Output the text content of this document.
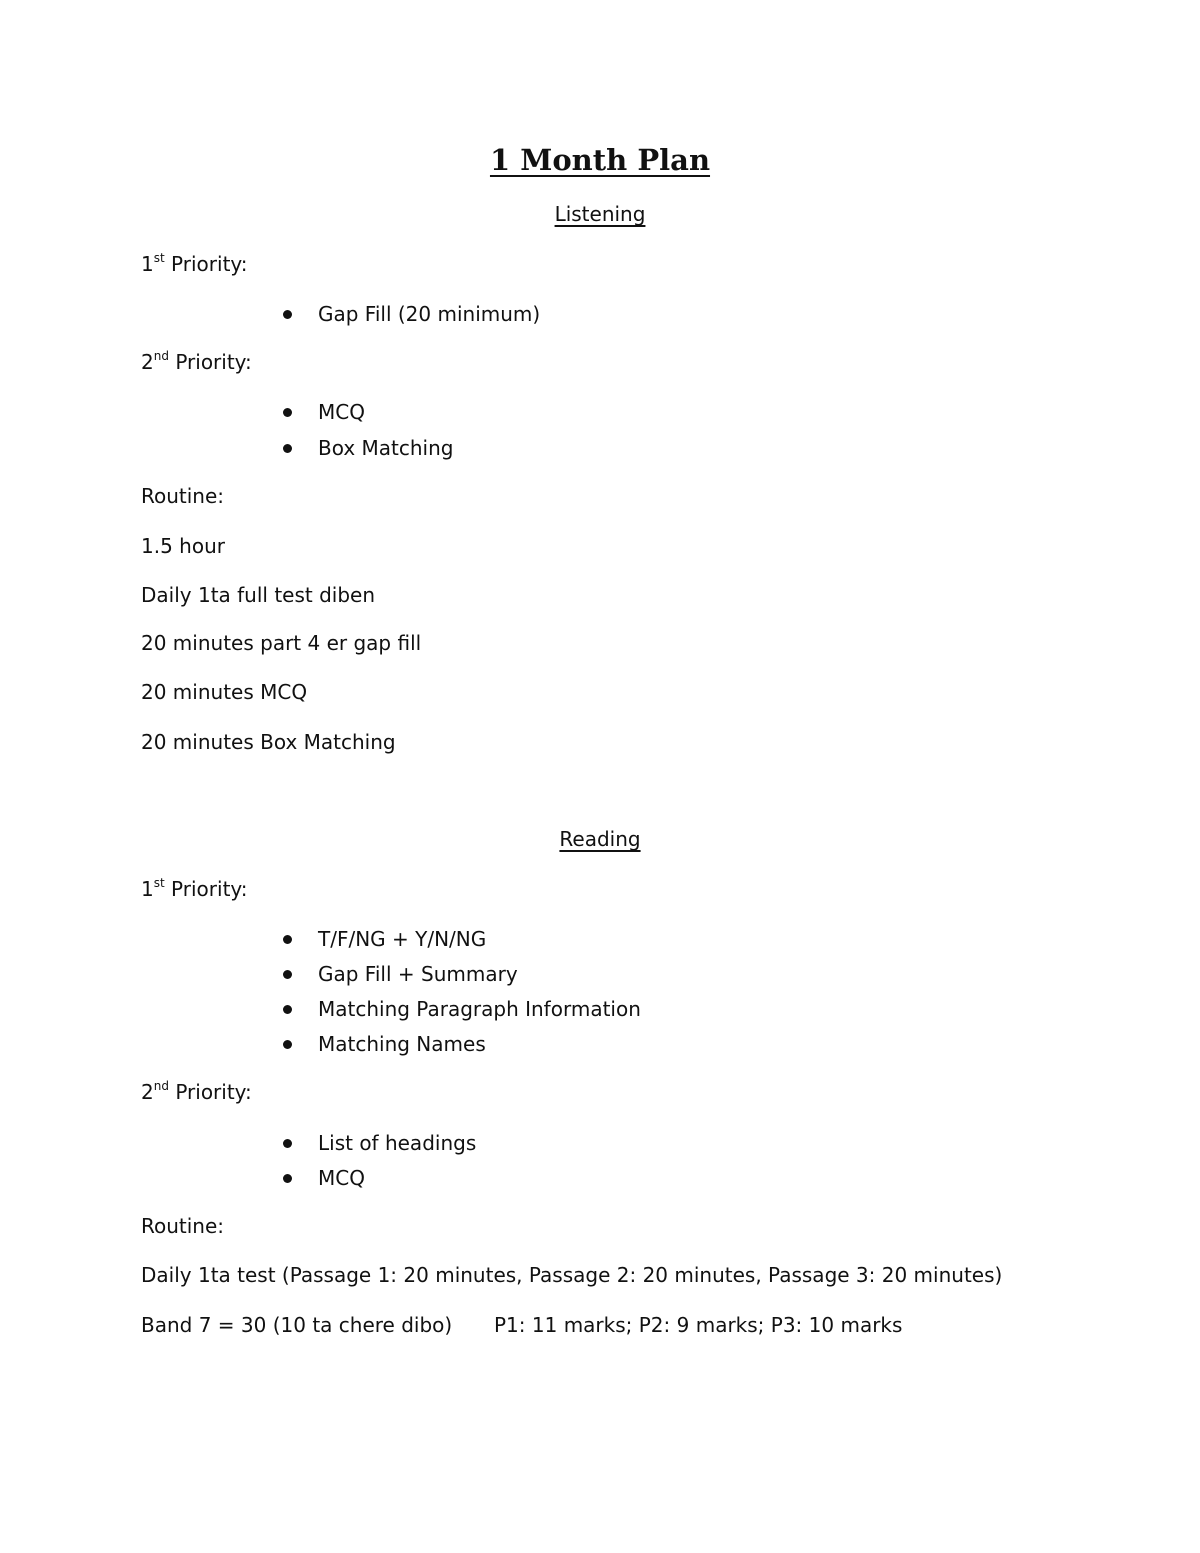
1 Month Plan
Listening
1st Priority:
Gap Fill (20 minimum)
2nd Priority:
MCQ
Box Matching
Routine:
1.5 hour
Daily 1ta full test diben
20 minutes part 4 er gap fill
20 minutes MCQ
20 minutes Box Matching
Reading
1st Priority:
T/F/NG + Y/N/NG
Gap Fill + Summary
Matching Paragraph Information
Matching Names
2nd Priority:
List of headings
MCQ
Routine:
Daily 1ta test (Passage 1: 20 minutes, Passage 2: 20 minutes, Passage 3: 20 minutes)
Band 7 = 30 (10 ta chere dibo) P1: 11 marks; P2: 9 marks; P3: 10 marks
